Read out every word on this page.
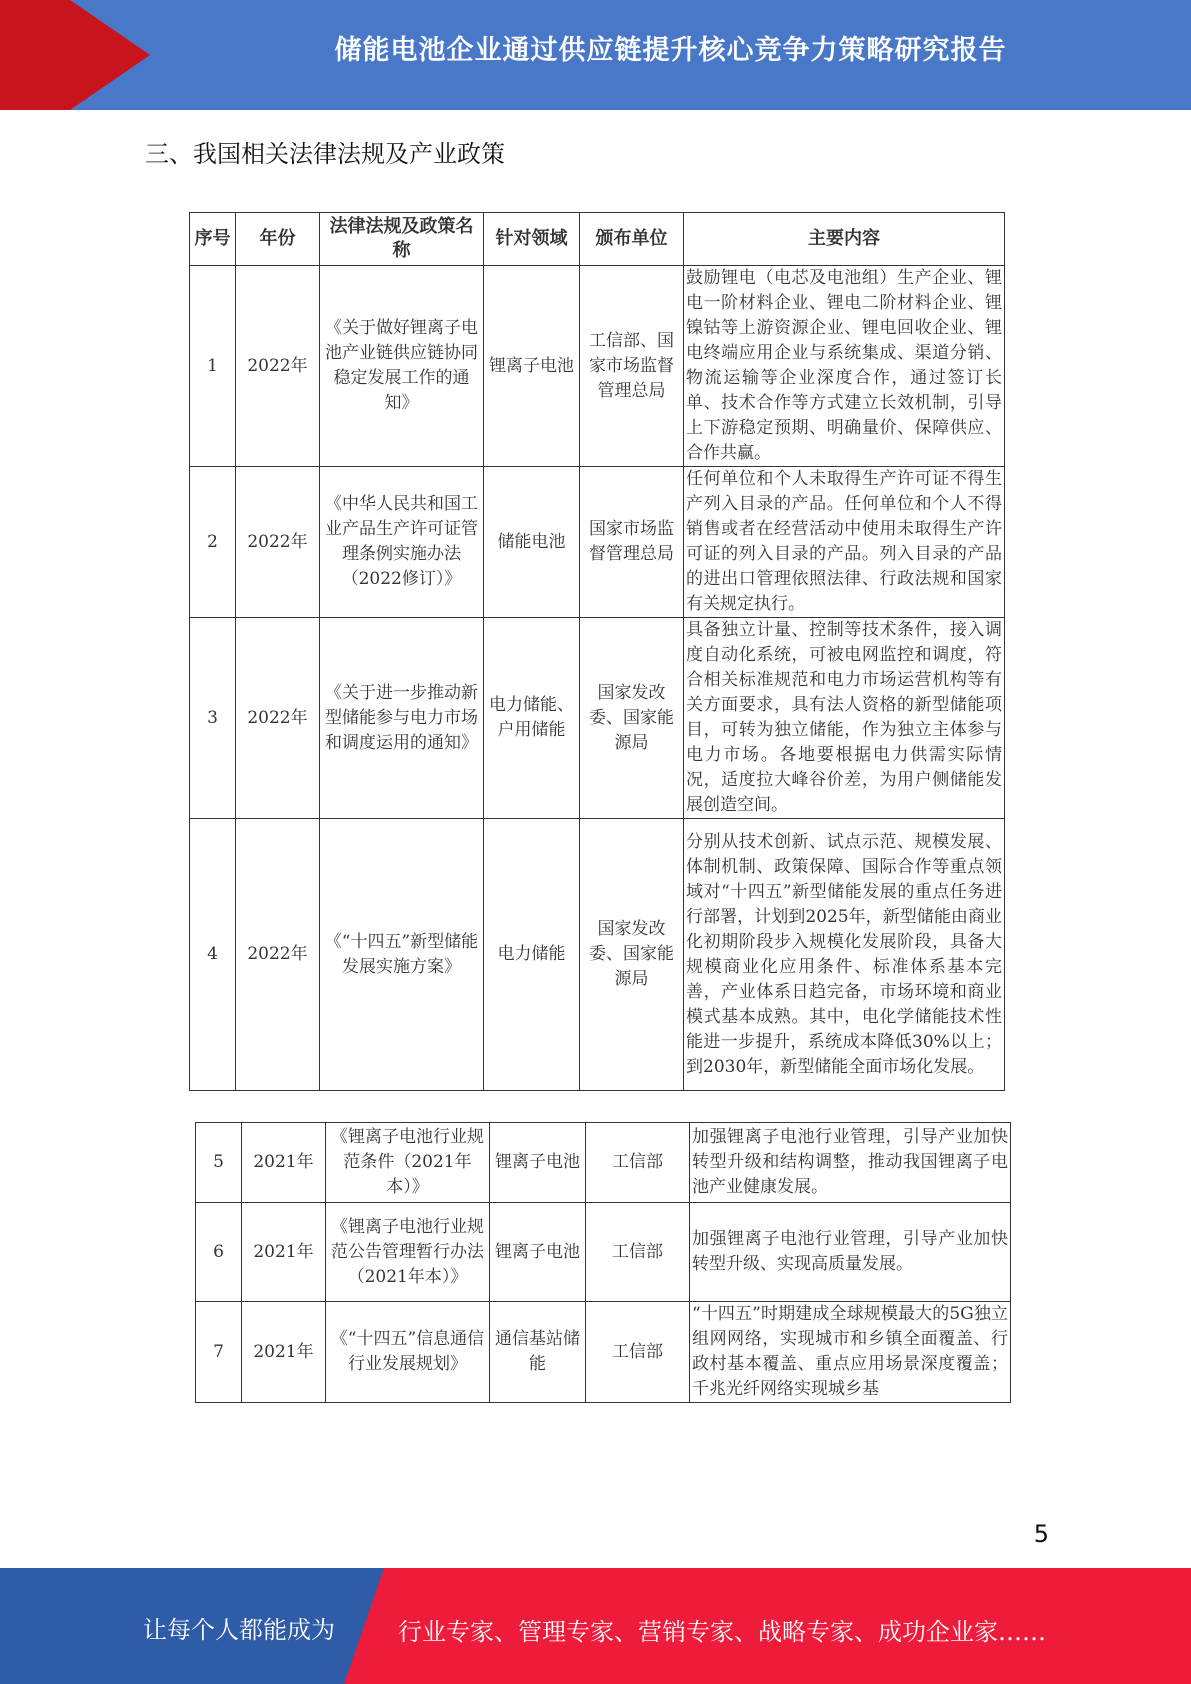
储能电池企业通过供应链提升核心竞争力策略研究报告
三、我国相关法律法规及产业政策
序号	年份	法律法规及政策名称	针对领域	颁布单位	主要内容
1	2022年	《关于做好锂离子电池产业链供应链协同稳定发展工作的通知》	锂离子电池	工信部、国家市场监督管理总局	鼓励锂电（电芯及电池组）生产企业、锂电一阶材料企业、锂电二阶材料企业、锂镍钴等上游资源企业、锂电回收企业、锂电终端应用企业与系统集成、渠道分销、物流运输等企业深度合作，通过签订长单、技术合作等方式建立长效机制，引导上下游稳定预期、明确量价、保障供应、合作共赢。
2	2022年	《中华人民共和国工业产品生产许可证管理条例实施办法（2022修订）》	储能电池	国家市场监督管理总局	任何单位和个人未取得生产许可证不得生产列入目录的产品。任何单位和个人不得销售或者在经营活动中使用未取得生产许可证的列入目录的产品。列入目录的产品的进出口管理依照法律、行政法规和国家有关规定执行。
3	2022年	《关于进一步推动新型储能参与电力市场和调度运用的通知》	电力储能、户用储能	国家发改委、国家能源局	具备独立计量、控制等技术条件，接入调度自动化系统，可被电网监控和调度，符合相关标准规范和电力市场运营机构等有关方面要求，具有法人资格的新型储能项目，可转为独立储能，作为独立主体参与电力市场。各地要根据电力供需实际情况，适度拉大峰谷价差，为用户侧储能发展创造空间。
4	2022年	《“十四五”新型储能发展实施方案》	电力储能	国家发改委、国家能源局	分别从技术创新、试点示范、规模发展、体制机制、政策保障、国际合作等重点领域对“十四五”新型储能发展的重点任务进行部署，计划到2025年，新型储能由商业化初期阶段步入规模化发展阶段，具备大规模商业化应用条件、标准体系基本完善，产业体系日趋完备，市场环境和商业模式基本成熟。其中，电化学储能技术性能进一步提升，系统成本降低30%以上；到2030年，新型储能全面市场化发展。
5	2021年	《锂离子电池行业规范条件（2021年本）》	锂离子电池	工信部	加强锂离子电池行业管理，引导产业加快转型升级和结构调整，推动我国锂离子电池产业健康发展。
6	2021年	《锂离子电池行业规范公告管理暂行办法（2021年本）》	锂离子电池	工信部	加强锂离子电池行业管理，引导产业加快转型升级、实现高质量发展。
7	2021年	《“十四五”信息通信行业发展规划》	通信基站储能	工信部	“十四五”时期建成全球规模最大的5G独立组网网络，实现城市和乡镇全面覆盖、行政村基本覆盖、重点应用场景深度覆盖；千兆光纤网络实现城乡基
5
让每个人都能成为	行业专家、管理专家、营销专家、战略专家、成功企业家……
